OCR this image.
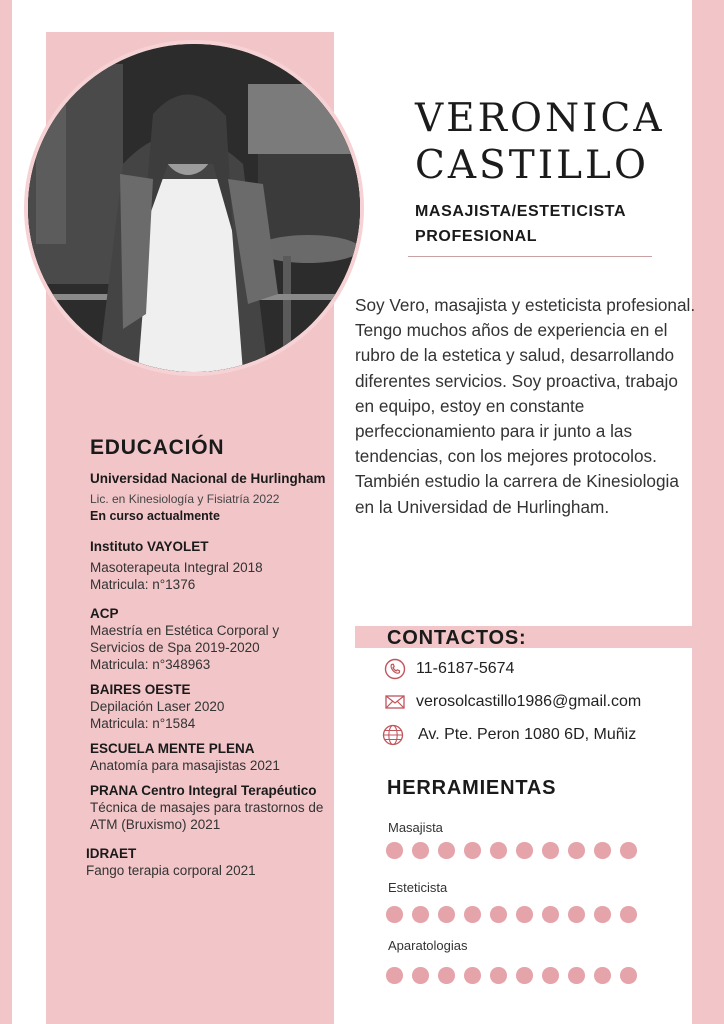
VERONICA
CASTILLO
MASAJISTA/ESTETICISTA
PROFESIONAL
Soy Vero, masajista y esteticista profesional. Tengo muchos años de experiencia en el rubro de la estetica y salud, desarrollando diferentes servicios. Soy proactiva, trabajo en equipo, estoy en constante perfeccionamiento para ir junto a las tendencias, con los mejores protocolos. También estudio la carrera de Kinesiologia en la Universidad de Hurlingham.
EDUCACIÓN
Universidad Nacional de Hurlingham
Lic. en Kinesiología y Fisiatría 2022
En curso actualmente
Instituto VAYOLET
Masoterapeuta Integral 2018
Matricula: n°1376
ACP
Maestría en Estética Corporal y Servicios de Spa 2019-2020
Matricula: n°348963
BAIRES OESTE
Depilación Laser 2020
Matricula: n°1584
ESCUELA MENTE PLENA
Anatomía para masajistas 2021
PRANA Centro Integral Terapéutico
Técnica de masajes para trastornos de ATM (Bruxismo) 2021
IDRAET
Fango terapia corporal 2021
CONTACTOS:
11-6187-5674
verosolcastillo1986@gmail.com
Av. Pte. Peron 1080 6D, Muñiz
HERRAMIENTAS
Masajista
Esteticista
Aparatologias
